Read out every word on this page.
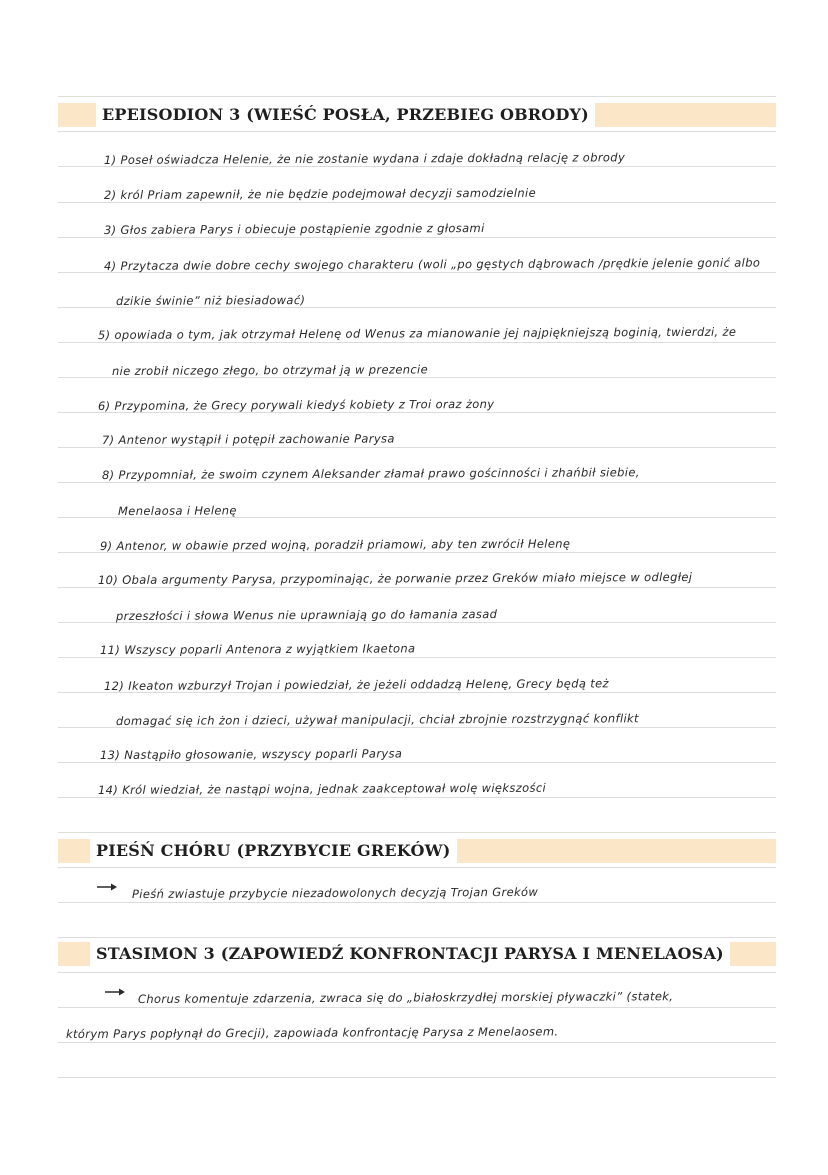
EPEISODION 3 (WIEŚĆ POSŁA, PRZEBIEG OBRODY)
1) Poseł oświadcza Helenie, że nie zostanie wydana i zdaje dokładną relację z obrody
2) król Priam zapewnił, że nie będzie podejmował decyzji samodzielnie
3) Głos zabiera Parys i obiecuje postąpienie zgodnie z głosami
4) Przytacza dwie dobre cechy swojego charakteru (woli „po gęstych dąbrowach /prędkie jelenie gonić albo
dzikie świnie” niż biesiadować)
5) opowiada o tym, jak otrzymał Helenę od Wenus za mianowanie jej najpiękniejszą boginią, twierdzi, że
nie zrobił niczego złego, bo otrzymał ją w prezencie
6) Przypomina, że Grecy porywali kiedyś kobiety z Troi oraz żony
7) Antenor wystąpił i potępił zachowanie Parysa
8) Przypomniał, że swoim czynem Aleksander złamał prawo gościnności i zhańbił siebie,
Menelaosa i Helenę
9) Antenor, w obawie przed wojną, poradził priamowi, aby ten zwrócił Helenę
10) Obala argumenty Parysa, przypominając, że porwanie przez Greków miało miejsce w odległej
przeszłości i słowa Wenus nie uprawniają go do łamania zasad
11) Wszyscy poparli Antenora z wyjątkiem Ikaetona
12) Ikeaton wzburzył Trojan i powiedział, że jeżeli oddadzą Helenę, Grecy będą też
domagać się ich żon i dzieci, używał manipulacji, chciał zbrojnie rozstrzygnąć konflikt
13) Nastąpiło głosowanie, wszyscy poparli Parysa
14) Król wiedział, że nastąpi wojna, jednak zaakceptował wolę większości
PIEŚŃ CHÓRU (PRZYBYCIE GREKÓW)
Pieśń zwiastuje przybycie niezadowolonych decyzją Trojan Greków
STASIMON 3 (ZAPOWIEDŹ KONFRONTACJI PARYSA I MENELAOSA)
Chorus komentuje zdarzenia, zwraca się do „białoskrzydłej morskiej pływaczki” (statek,
którym Parys popłynął do Grecji), zapowiada konfrontację Parysa z Menelaosem.
